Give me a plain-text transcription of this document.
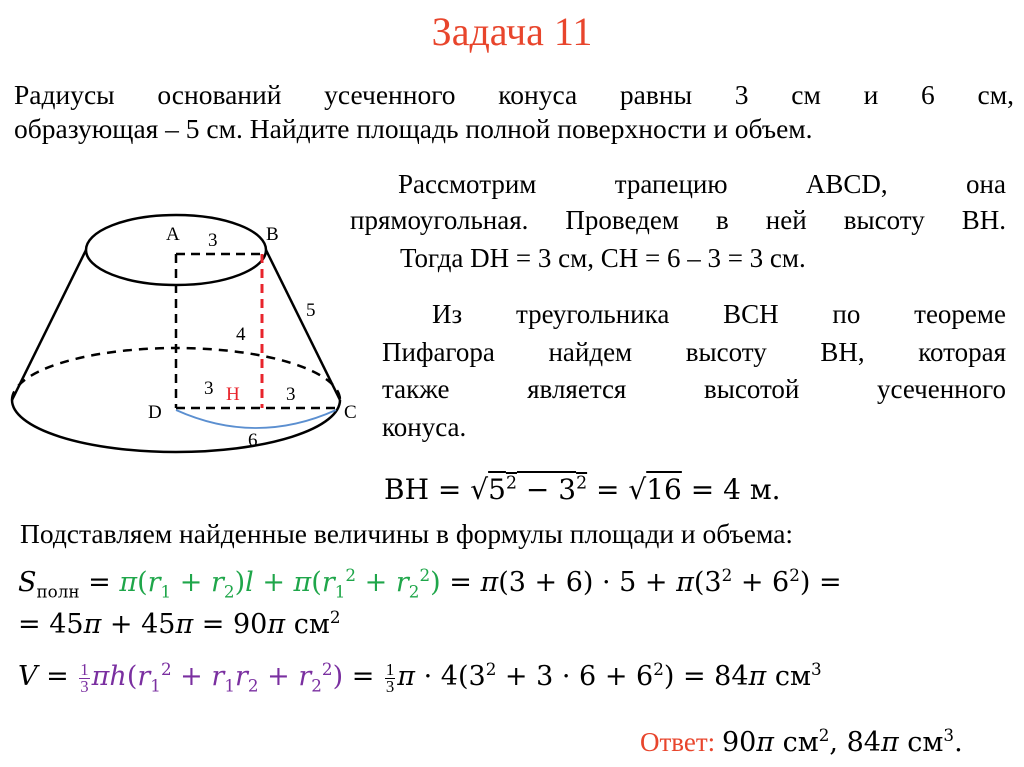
Задача 11
Радиусы оснований усеченного конуса равны 3 см и 6 см,
образующая – 5 см. Найдите площадь полной поверхности и объем.
A 3	B
5
4
3 H 3
D	C
6
Рассмотрим трапецию ABCD, она
прямоугольная. Проведем в ней высоту BH.
Тогда DH = 3 см, CH = 6 – 3 = 3 см.
Из треугольника BCH по теореме
Пифагора найдем высоту BH, которая
также является высотой усеченного
конуса.
BH = $√5^2 - 3^2 = √16 = 4$ м.
Подставляем найденные величины в формулы площади и объема:
$S_{полн} = \pi(r_1 + r_2)l + \pi(r_1^2 + r_2^2) = \pi(3 + 6) \cdot 5 + \pi(3^2 + 6^2)$ =
= 45π + 45π = 90π $см^2$
$V = \frac{1}{3} \pi h(r_1^2 + r_1r_2 + r_2^2) = \frac{1}{3}$ $\pi \cdot 4(3^2 + 3 \cdot 6 + 6^2) = 84\pi$ $см^3$
Ответ: 90π $см^2$, 84π $см^3$.
